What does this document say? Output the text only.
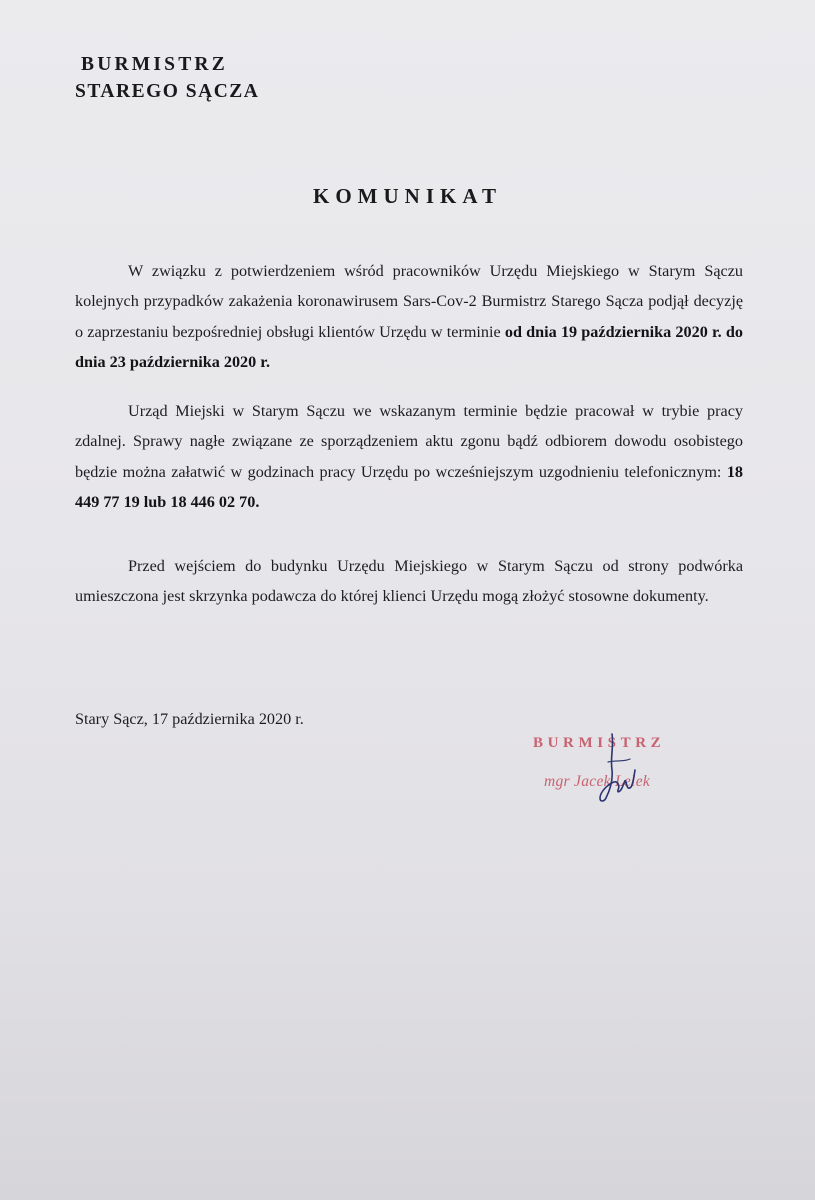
BURMISTRZ
STAREGO SĄCZA
KOMUNIKAT

W związku z potwierdzeniem wśród pracowników Urzędu Miejskiego w Starym Sączu kolejnych przypadków zakażenia koronawirusem Sars-Cov-2 Burmistrz Starego Sącza podjął decyzję o zaprzestaniu bezpośredniej obsługi klientów Urzędu w terminie od dnia 19 października 2020 r. do dnia 23 października 2020 r.

Urząd Miejski w Starym Sączu we wskazanym terminie będzie pracował w trybie pracy zdalnej. Sprawy nagłe związane ze sporządzeniem aktu zgonu bądź odbiorem dowodu osobistego będzie można załatwić w godzinach pracy Urzędu po wcześniejszym uzgodnieniu telefonicznym: 18 449 77 19 lub 18 446 02 70.

Przed wejściem do budynku Urzędu Miejskiego w Starym Sączu od strony podwórka umieszczona jest skrzynka podawcza do której klienci Urzędu mogą złożyć stosowne dokumenty.

Stary Sącz, 17 października 2020 r.
BURMISTRZ
mgr Jacek Lelek
